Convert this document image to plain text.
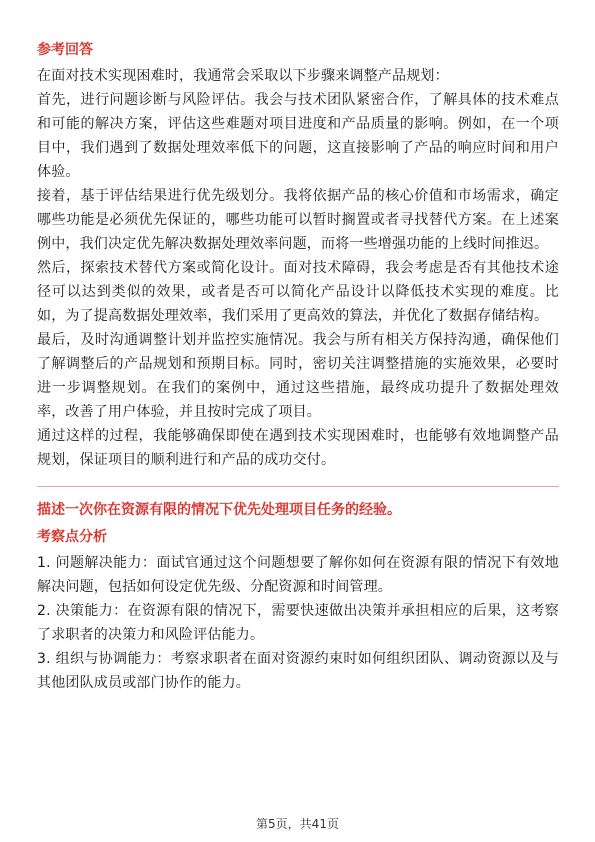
参考回答

在面对技术实现困难时，我通常会采取以下步骤来调整产品规划：

首先，进行问题诊断与风险评估。我会与技术团队紧密合作，了解具体的技术难点和可能的解决方案，评估这些难题对项目进度和产品质量的影响。例如，在一个项目中，我们遇到了数据处理效率低下的问题，这直接影响了产品的响应时间和用户体验。

接着，基于评估结果进行优先级划分。我将依据产品的核心价值和市场需求，确定哪些功能是必须优先保证的，哪些功能可以暂时搁置或者寻找替代方案。在上述案例中，我们决定优先解决数据处理效率问题，而将一些增强功能的上线时间推迟。

然后，探索技术替代方案或简化设计。面对技术障碍，我会考虑是否有其他技术途径可以达到类似的效果，或者是否可以简化产品设计以降低技术实现的难度。比如，为了提高数据处理效率，我们采用了更高效的算法，并优化了数据存储结构。

最后，及时沟通调整计划并监控实施情况。我会与所有相关方保持沟通，确保他们了解调整后的产品规划和预期目标。同时，密切关注调整措施的实施效果，必要时进一步调整规划。在我们的案例中，通过这些措施，最终成功提升了数据处理效率，改善了用户体验，并且按时完成了项目。

通过这样的过程，我能够确保即使在遇到技术实现困难时，也能够有效地调整产品规划，保证项目的顺利进行和产品的成功交付。

描述一次你在资源有限的情况下优先处理项目任务的经验。
考察点分析

1. 问题解决能力：面试官通过这个问题想要了解你如何在资源有限的情况下有效地解决问题，包括如何设定优先级、分配资源和时间管理。

2. 决策能力：在资源有限的情况下，需要快速做出决策并承担相应的后果，这考察了求职者的决策力和风险评估能力。

3. 组织与协调能力：考察求职者在面对资源约束时如何组织团队、调动资源以及与其他团队成员或部门协作的能力。

第5页，共41页
